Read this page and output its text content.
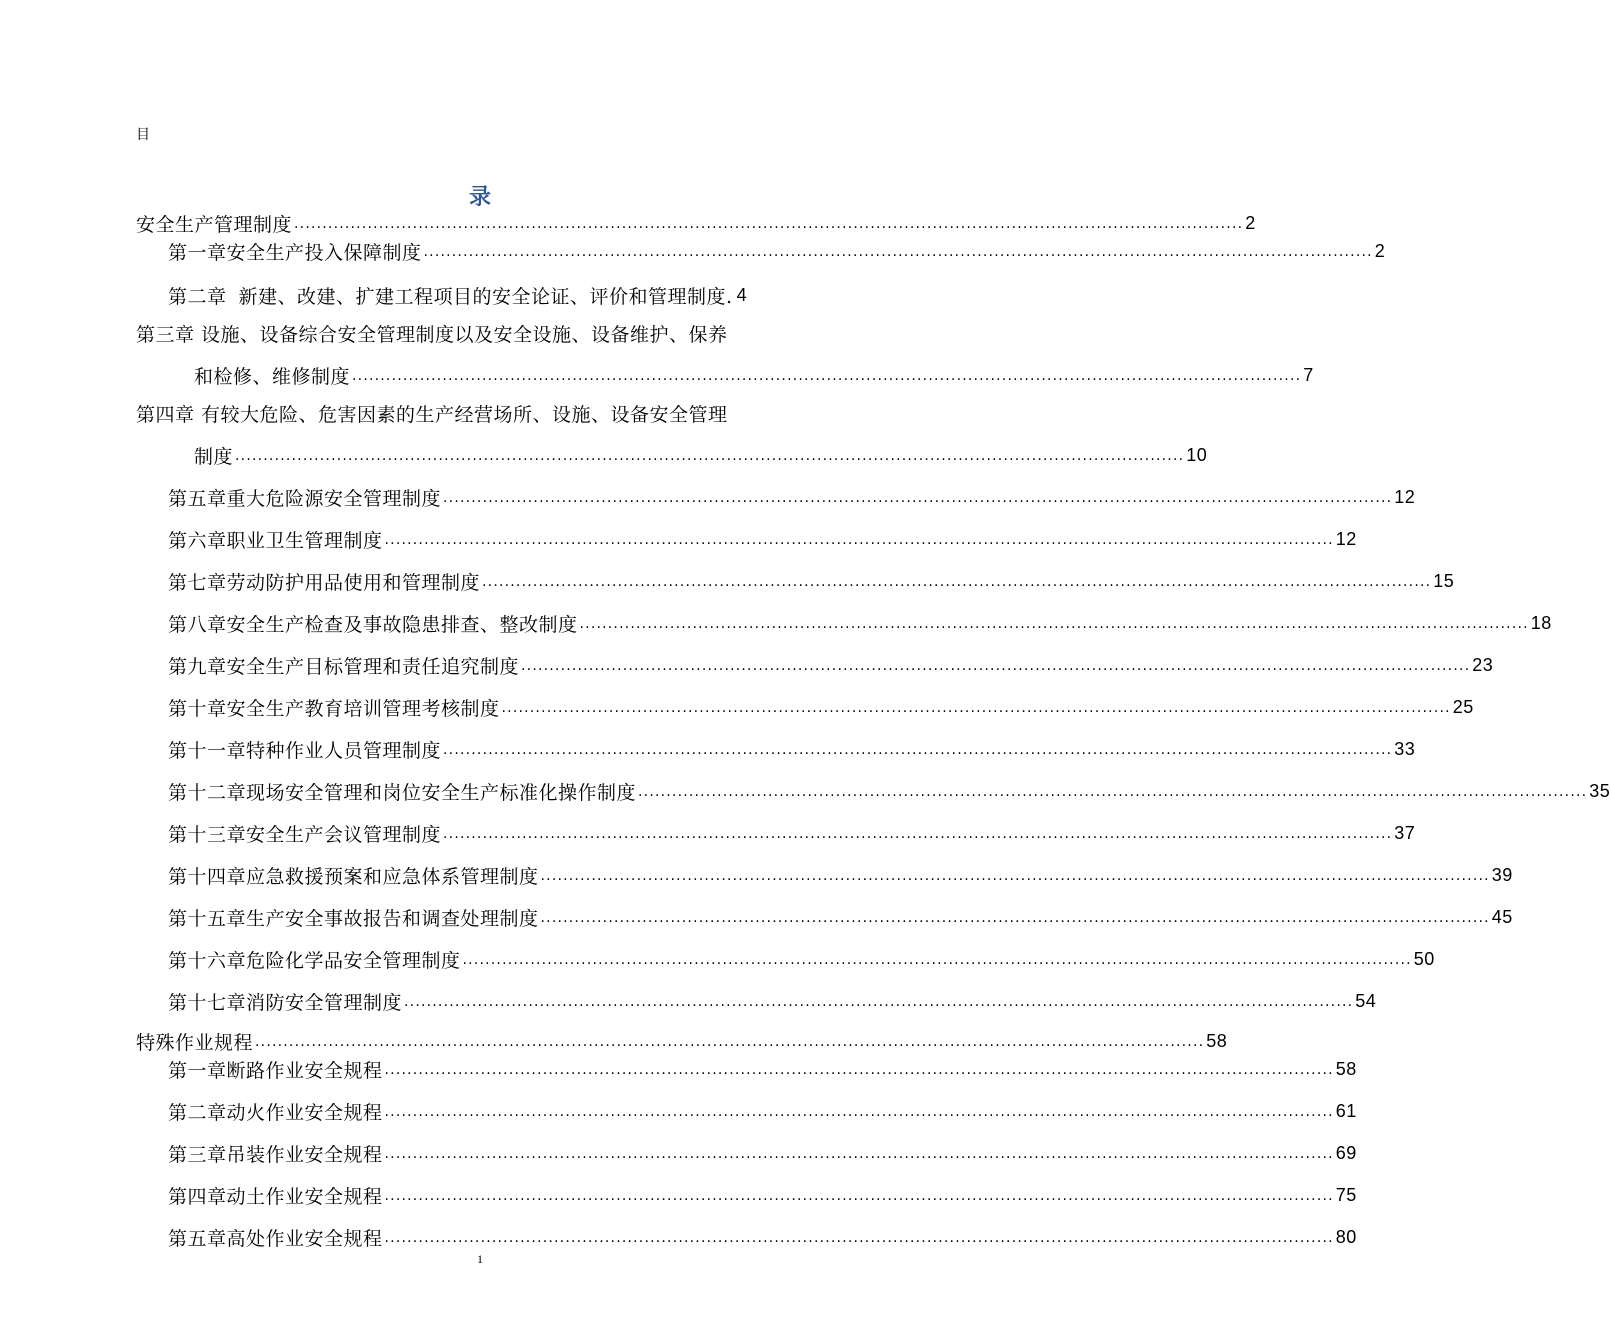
目
录
安全生产管理制度 ........................................................................................................................................................................ 2
第一章 安全生产投入保障制度 ........................................................................................................................................................................ 2
第二章 新建、改建、扩建工程项目的安全论证、评价和管理制度. 4
第三章 设施、设备综合安全管理制度以及安全设施、设备维护、保养
和检修、维修制度 ........................................................................................................................................................................ 7
第四章 有较大危险、危害因素的生产经营场所、设施、设备安全管理
制度 ........................................................................................................................................................................ 10
第五章 重大危险源安全管理制度 ........................................................................................................................................................................ 12
第六章 职业卫生管理制度 ........................................................................................................................................................................ 12
第七章 劳动防护用品使用和管理制度 ........................................................................................................................................................................ 15
第八章 安全生产检查及事故隐患排查、整改制度 ........................................................................................................................................................................ 18
第九章 安全生产目标管理和责任追究制度 ........................................................................................................................................................................ 23
第十章 安全生产教育培训管理考核制度 ........................................................................................................................................................................ 25
第十一章 特种作业人员管理制度 ........................................................................................................................................................................ 33
第十二章 现场安全管理和岗位安全生产标准化操作制度 ........................................................................................................................................................................ 35
第十三章 安全生产会议管理制度 ........................................................................................................................................................................ 37
第十四章 应急救援预案和应急体系管理制度 ........................................................................................................................................................................ 39
第十五章 生产安全事故报告和调查处理制度 ........................................................................................................................................................................ 45
第十六章 危险化学品安全管理制度 ........................................................................................................................................................................ 50
第十七章 消防安全管理制度 ........................................................................................................................................................................ 54
特殊作业规程 ........................................................................................................................................................................ 58
第一章 断路作业安全规程 ........................................................................................................................................................................ 58
第二章 动火作业安全规程 ........................................................................................................................................................................ 61
第三章 吊装作业安全规程 ........................................................................................................................................................................ 69
第四章 动土作业安全规程 ........................................................................................................................................................................ 75
第五章 高处作业安全规程 ........................................................................................................................................................................ 80
1
